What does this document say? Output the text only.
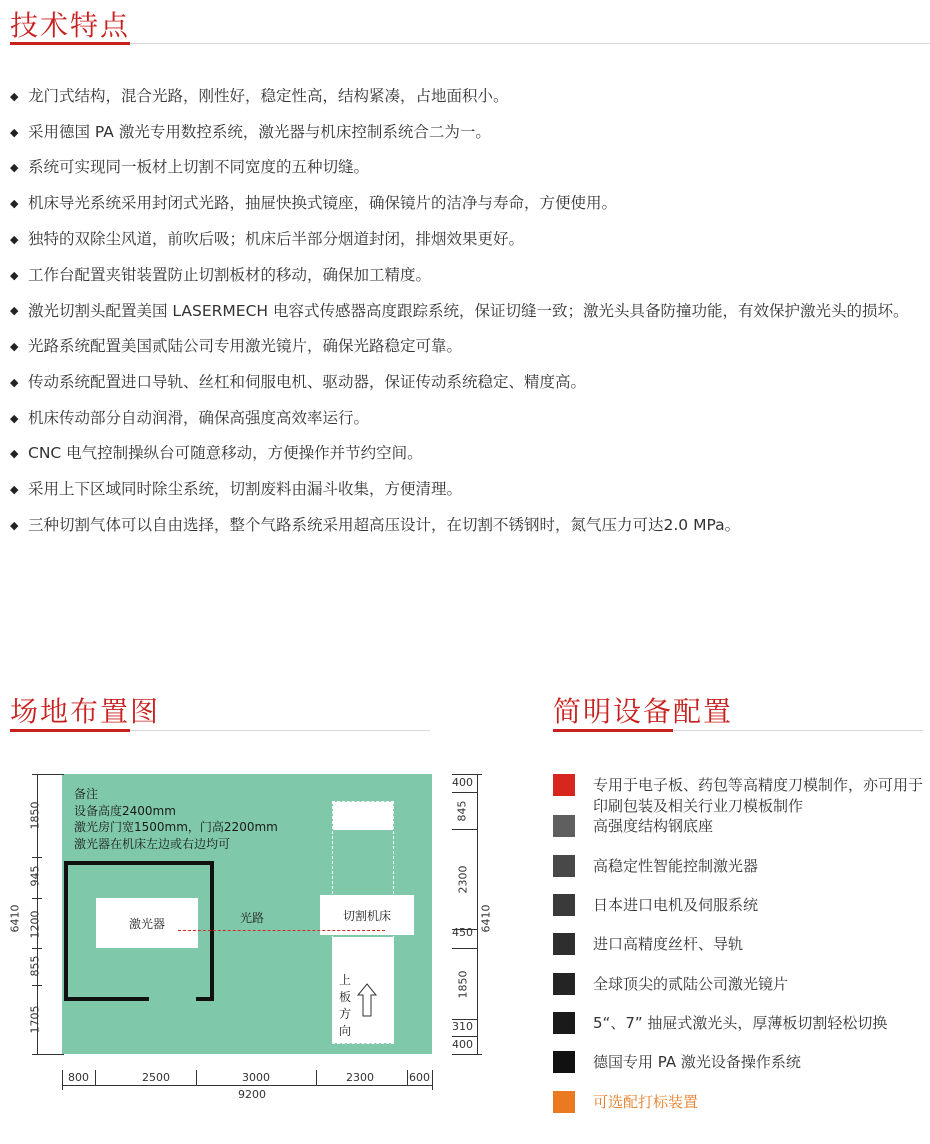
技术特点
◆ 龙门式结构，混合光路，刚性好，稳定性高，结构紧凑，占地面积小。
◆ 采用德国 PA 激光专用数控系统，激光器与机床控制系统合二为一。
◆ 系统可实现同一板材上切割不同宽度的五种切缝。
◆ 机床导光系统采用封闭式光路，抽屉快换式镜座，确保镜片的洁净与寿命，方便使用。
◆ 独特的双除尘风道，前吹后吸；机床后半部分烟道封闭，排烟效果更好。
◆ 工作台配置夹钳装置防止切割板材的移动，确保加工精度。
◆ 激光切割头配置美国 LASERMECH 电容式传感器高度跟踪系统，保证切缝一致；激光头具备防撞功能，有效保护激光头的损坏。
◆ 光路系统配置美国贰陆公司专用激光镜片，确保光路稳定可靠。
◆ 传动系统配置进口导轨、丝杠和伺服电机、驱动器，保证传动系统稳定、精度高。
◆ 机床传动部分自动润滑，确保高强度高效率运行。
◆ CNC 电气控制操纵台可随意移动，方便操作并节约空间。
◆ 采用上下区域同时除尘系统，切割废料由漏斗收集，方便清理。
◆ 三种切割气体可以自由选择，整个气路系统采用超高压设计，在切割不锈钢时，氮气压力可达2.0 MPa。
场地布置图
备注
设备高度2400mm
激光房门宽1500mm，门高2200mm
激光器在机床左边或右边均可
激光器
切割机床
光路
上
板
方
向
1850
945
1200
855
1705
6410
400
845
2300
450
1850
310
400
6410
800	2500	3000	2300	600
9200
简明设备配置
专用于电子板、药包等高精度刀模制作，亦可用于印刷包装及相关行业刀模板制作
高强度结构钢底座
高稳定性智能控制激光器
日本进口电机及伺服系统
进口高精度丝杆、导轨
全球顶尖的贰陆公司激光镜片
5“、7” 抽屉式激光头，厚薄板切割轻松切换
德国专用 PA 激光设备操作系统
可选配打标装置
